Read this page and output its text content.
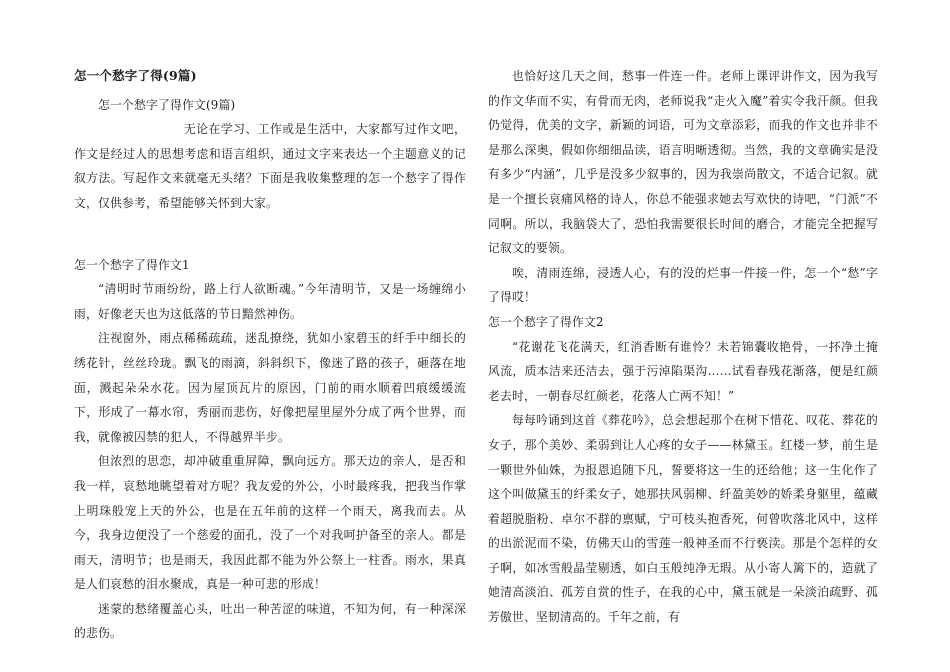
怎一个愁字了得(9篇)

怎一个愁字了得作文(9篇)

无论在学习、工作或是生活中，大家都写过作文吧，作文是经过人的思想考虑和语言组织，通过文字来表达一个主题意义的记叙方法。写起作文来就毫无头绪？下面是我收集整理的怎一个愁字了得作文，仅供参考，希望能够关怀到大家。

怎一个愁字了得作文1

“清明时节雨纷纷，路上行人欲断魂。”今年清明节，又是一场缠绵小雨，好像老天也为这低落的节日黯然神伤。

注视窗外，雨点稀稀疏疏，迷乱撩绕，犹如小家碧玉的纤手中细长的绣花针，丝丝玲珑。飘飞的雨滴，斜斜织下，像迷了路的孩子，砸落在地面，溅起朵朵水花。因为屋顶瓦片的原因，门前的雨水顺着凹痕缓缓流下，形成了一幕水帘，秀丽而悲伤，好像把屋里屋外分成了两个世界，而我，就像被囚禁的犯人，不得越界半步。

但浓烈的思恋，却冲破重重屏障，飘向远方。那天边的亲人，是否和我一样，哀愁地眺望着对方呢？我友爱的外公，小时最疼我，把我当作掌上明珠般宠上天的外公，也是在五年前的这样一个雨天，离我而去。从今，我身边便没了一个慈爱的面孔，没了一个对我呵护备至的亲人。都是雨天，清明节；也是雨天，我因此都不能为外公祭上一柱香。雨水，果真是人们哀愁的泪水聚成，真是一种可悲的形成！

迷蒙的愁绪覆盖心头，吐出一种苦涩的味道，不知为何，有一种深深的悲伤。

也恰好这几天之间，愁事一件连一件。老师上课评讲作文，因为我写的作文华而不实，有骨而无肉，老师说我“走火入魔”着实令我汗颜。但我仍觉得，优美的文字，新颖的词语，可为文章添彩，而我的作文也并非不是那么深奥，假如你细细品读，语言明晰透彻。当然，我的文章确实是没有多少“内涵”，几乎是没多少叙事的，因为我崇尚散文，不适合记叙。就是一个擅长哀痛风格的诗人，你总不能强求她去写欢快的诗吧，“门派”不同啊。所以，我脑袋大了，恐怕我需要很长时间的磨合，才能完全把握写记叙文的要领。

唉，清雨连绵，浸透人心，有的没的烂事一件接一件，怎一个“愁”字了得哎！

怎一个愁字了得作文2

“花谢花飞花满天，红消香断有谁怜？未若锦囊收艳骨，一抔净土掩风流，质本洁来还洁去，强于污淖陷渠沟……试看春残花渐落，便是红颜老去时，一朝春尽红颜老，花落人亡两不知！”

每每吟诵到这首《葬花吟》，总会想起那个在树下惜花、叹花、葬花的女子，那个美妙、柔弱到让人心疼的女子——林黛玉。红楼一梦，前生是一颗世外仙姝，为报恩追随下凡，誓要将这一生的还给他；这一生化作了这个叫做黛玉的纤柔女子，她那扶风弱柳、纤盈美妙的娇柔身躯里，蕴藏着超脱脂粉、卓尔不群的禀赋，宁可枝头抱香死，何曾吹落北风中，这样的出淤泥而不染，仿佛天山的雪莲一般神圣而不行亵渎。那是个怎样的女子啊，如冰雪般晶莹剔透，如白玉般纯净无瑕。从小寄人篱下的，造就了她清高淡泊、孤芳自赏的性子，在我的心中，黛玉就是一朵淡泊疏野、孤芳傲世、坚韧清高的。千年之前，有
